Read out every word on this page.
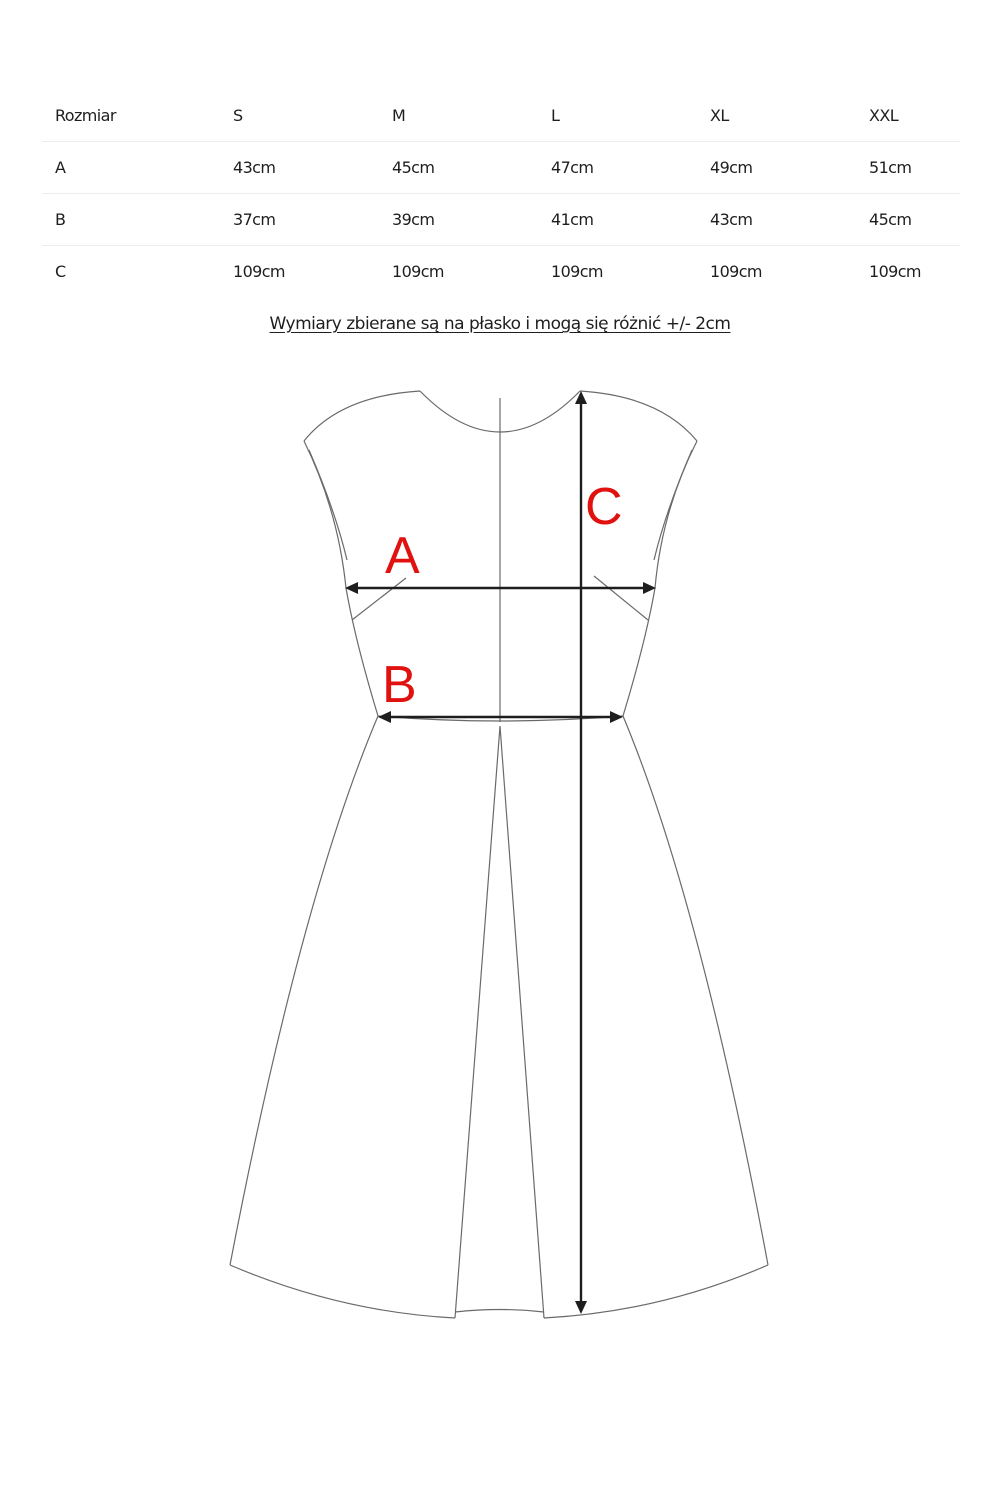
Rozmiar	S	M	L	XL	XXL
A	43cm	45cm	47cm	49cm	51cm
B	37cm	39cm	41cm	43cm	45cm
C	109cm	109cm	109cm	109cm	109cm
Wymiary zbierane są na płasko i mogą się różnić +/- 2cm
A
B
C
